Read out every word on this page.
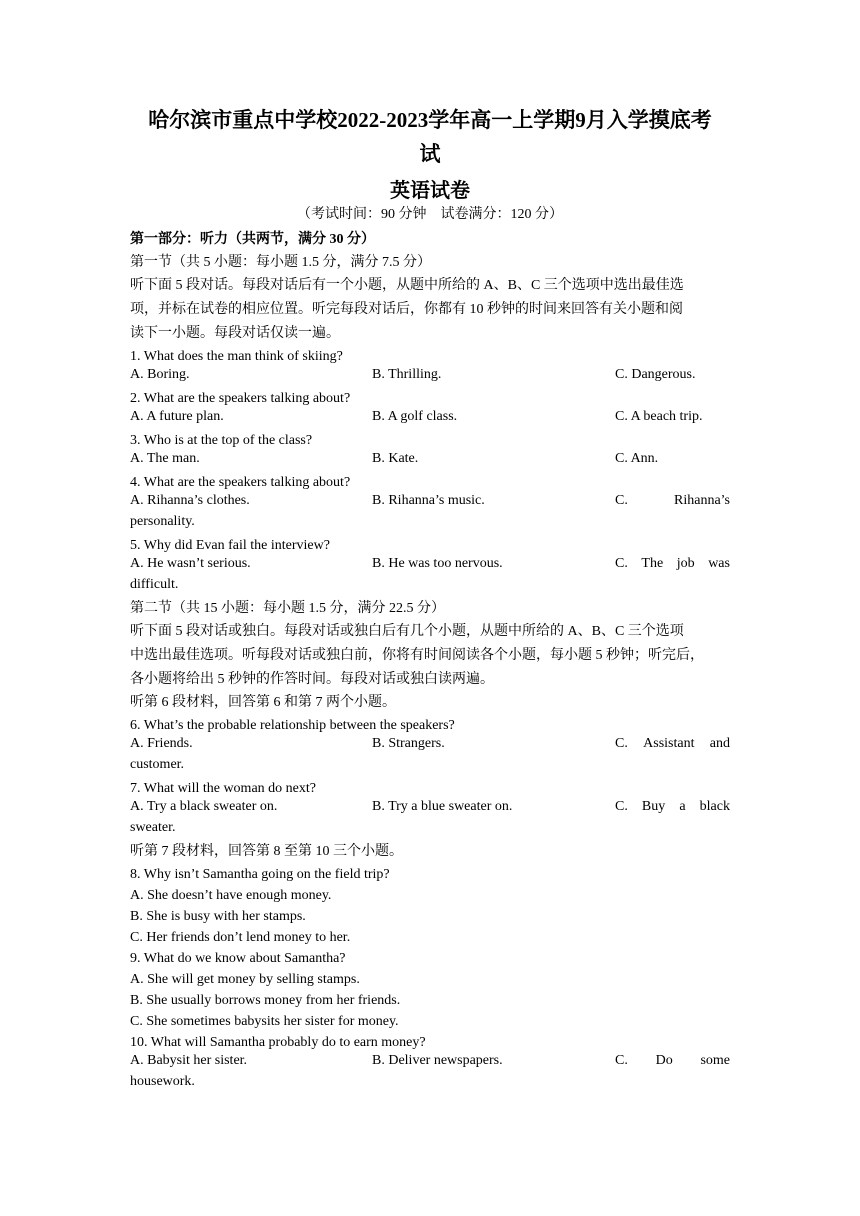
哈尔滨市重点中学校2022-2023学年高一上学期9月入学摸底考
试
英语试卷
（考试时间：90 分钟　试卷满分：120 分）
第一部分：听力（共两节，满分 30 分）
第一节（共 5 小题：每小题 1.5 分，满分 7.5 分）
听下面 5 段对话。每段对话后有一个小题，从题中所给的 A、B、C 三个选项中选出最佳选
项，并标在试卷的相应位置。听完每段对话后，你都有 10 秒钟的时间来回答有关小题和阅
读下一小题。每段对话仅读一遍。
1. What does the man think of skiing?
A. Boring.	B. Thrilling.	C. Dangerous.
2. What are the speakers talking about?
A. A future plan.	B. A golf class.	C. A beach trip.
3. Who is at the top of the class?
A. The man.	B. Kate.	C. Ann.
4. What are the speakers talking about?
A. Rihanna’s clothes.	B. Rihanna’s music.	C.	Rihanna’s
personality.
5. Why did Evan fail the interview?
A. He wasn’t serious.	B. He was too nervous.	C. The job was
difficult.
第二节（共 15 小题：每小题 1.5 分，满分 22.5 分）
听下面 5 段对话或独白。每段对话或独白后有几个小题，从题中所给的 A、B、C 三个选项
中选出最佳选项。听每段对话或独白前，你将有时间阅读各个小题，每小题 5 秒钟；听完后，
各小题将给出 5 秒钟的作答时间。每段对话或独白读两遍。
听第 6 段材料，回答第 6 和第 7 两个小题。
6. What’s the probable relationship between the speakers?
A. Friends.	B. Strangers.	C. Assistant and
customer.
7. What will the woman do next?
A. Try a black sweater on.	B. Try a blue sweater on.	C. Buy a black
sweater.
听第 7 段材料，回答第 8 至第 10 三个小题。
8. Why isn’t Samantha going on the field trip?
A. She doesn’t have enough money.
B. She is busy with her stamps.
C. Her friends don’t lend money to her.
9. What do we know about Samantha?
A. She will get money by selling stamps.
B. She usually borrows money from her friends.
C. She sometimes babysits her sister for money.
10. What will Samantha probably do to earn money?
A. Babysit her sister.	B. Deliver newspapers.	C. Do some
housework.
